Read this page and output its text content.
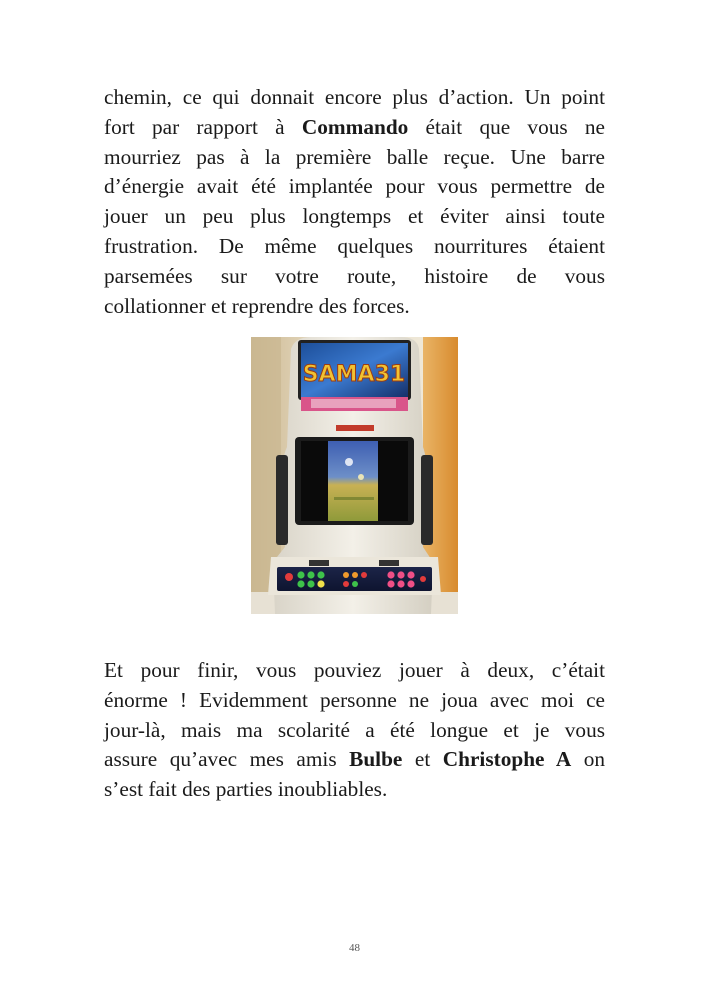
chemin, ce qui donnait encore plus d’action. Un point
fort par rapport à Commando était que vous ne
mourriez pas à la première balle reçue. Une barre
d’énergie avait été implantée pour vous permettre de
jouer un peu plus longtemps et éviter ainsi toute
frustration. De même quelques nourritures étaient
parsemées sur votre route, histoire de vous
collationner et reprendre des forces.
SAMA31
Et pour finir, vous pouviez jouer à deux, c’était
énorme ! Evidemment personne ne joua avec moi ce
jour-là, mais ma scolarité a été longue et je vous
assure qu’avec mes amis Bulbe et Christophe A on
s’est fait des parties inoubliables.
48
